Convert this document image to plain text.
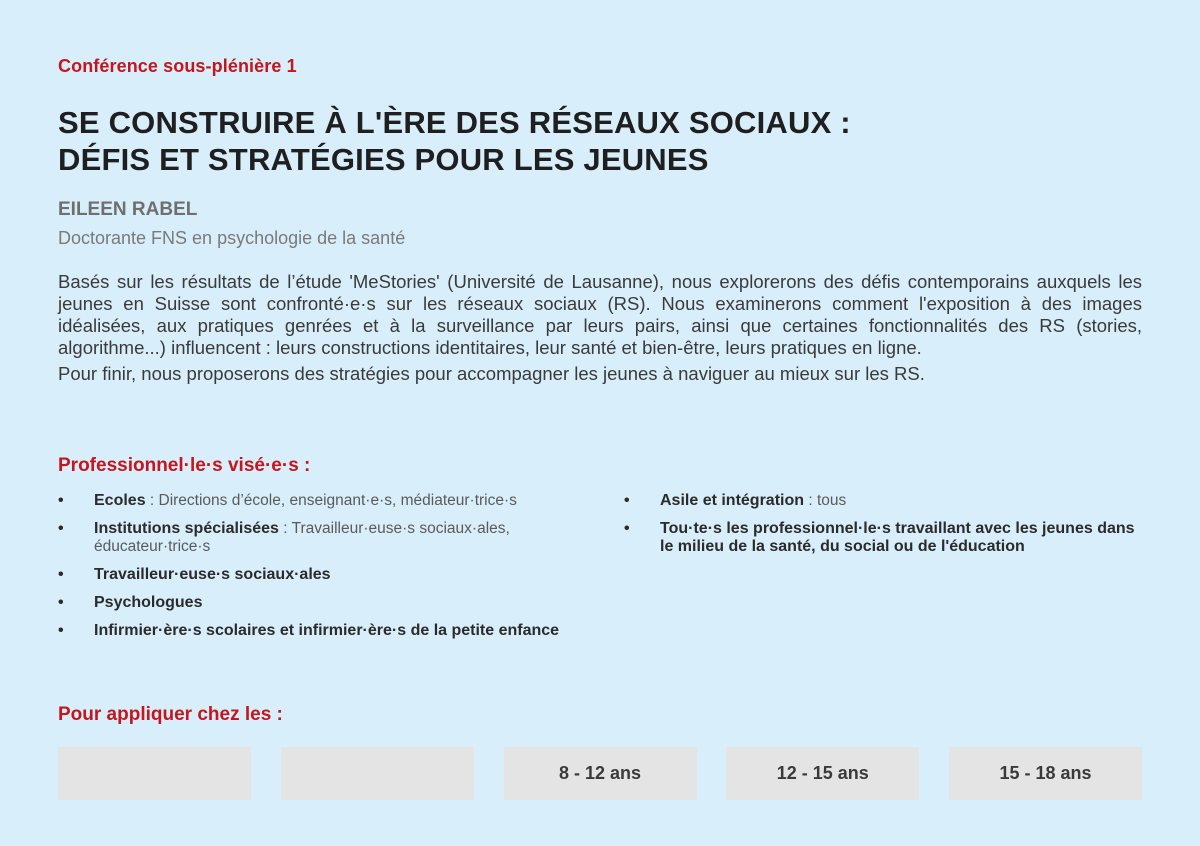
Conférence sous-plénière 1
SE CONSTRUIRE À L'ÈRE DES RÉSEAUX SOCIAUX :
DÉFIS ET STRATÉGIES POUR LES JEUNES
EILEEN RABEL
Doctorante FNS en psychologie de la santé

Basés sur les résultats de l’étude 'MeStories' (Université de Lausanne), nous explorerons des défis contemporains auxquels les jeunes en Suisse sont confronté·e·s sur les réseaux sociaux (RS). Nous examinerons comment l'exposition à des images idéalisées, aux pratiques genrées et à la surveillance par leurs pairs, ainsi que certaines fonctionnalités des RS (stories, algorithme...) influencent : leurs constructions identitaires, leur santé et bien-être, leurs pratiques en ligne.

Pour finir, nous proposerons des stratégies pour accompagner les jeunes à naviguer au mieux sur les RS.

Professionnel·le·s visé·e·s :
• Ecoles : Directions d’école, enseignant·e·s, médiateur·trice·s
• Institutions spécialisées : Travailleur·euse·s sociaux·ales, éducateur·trice·s
• Travailleur·euse·s sociaux·ales
• Psychologues
• Infirmier·ère·s scolaires et infirmier·ère·s de la petite enfance
• Asile et intégration : tous
• Tou·te·s les professionnel·le·s travaillant avec les jeunes dans le milieu de la santé, du social ou de l'éducation
Pour appliquer chez les :
8 - 12 ans	12 - 15 ans	15 - 18 ans
